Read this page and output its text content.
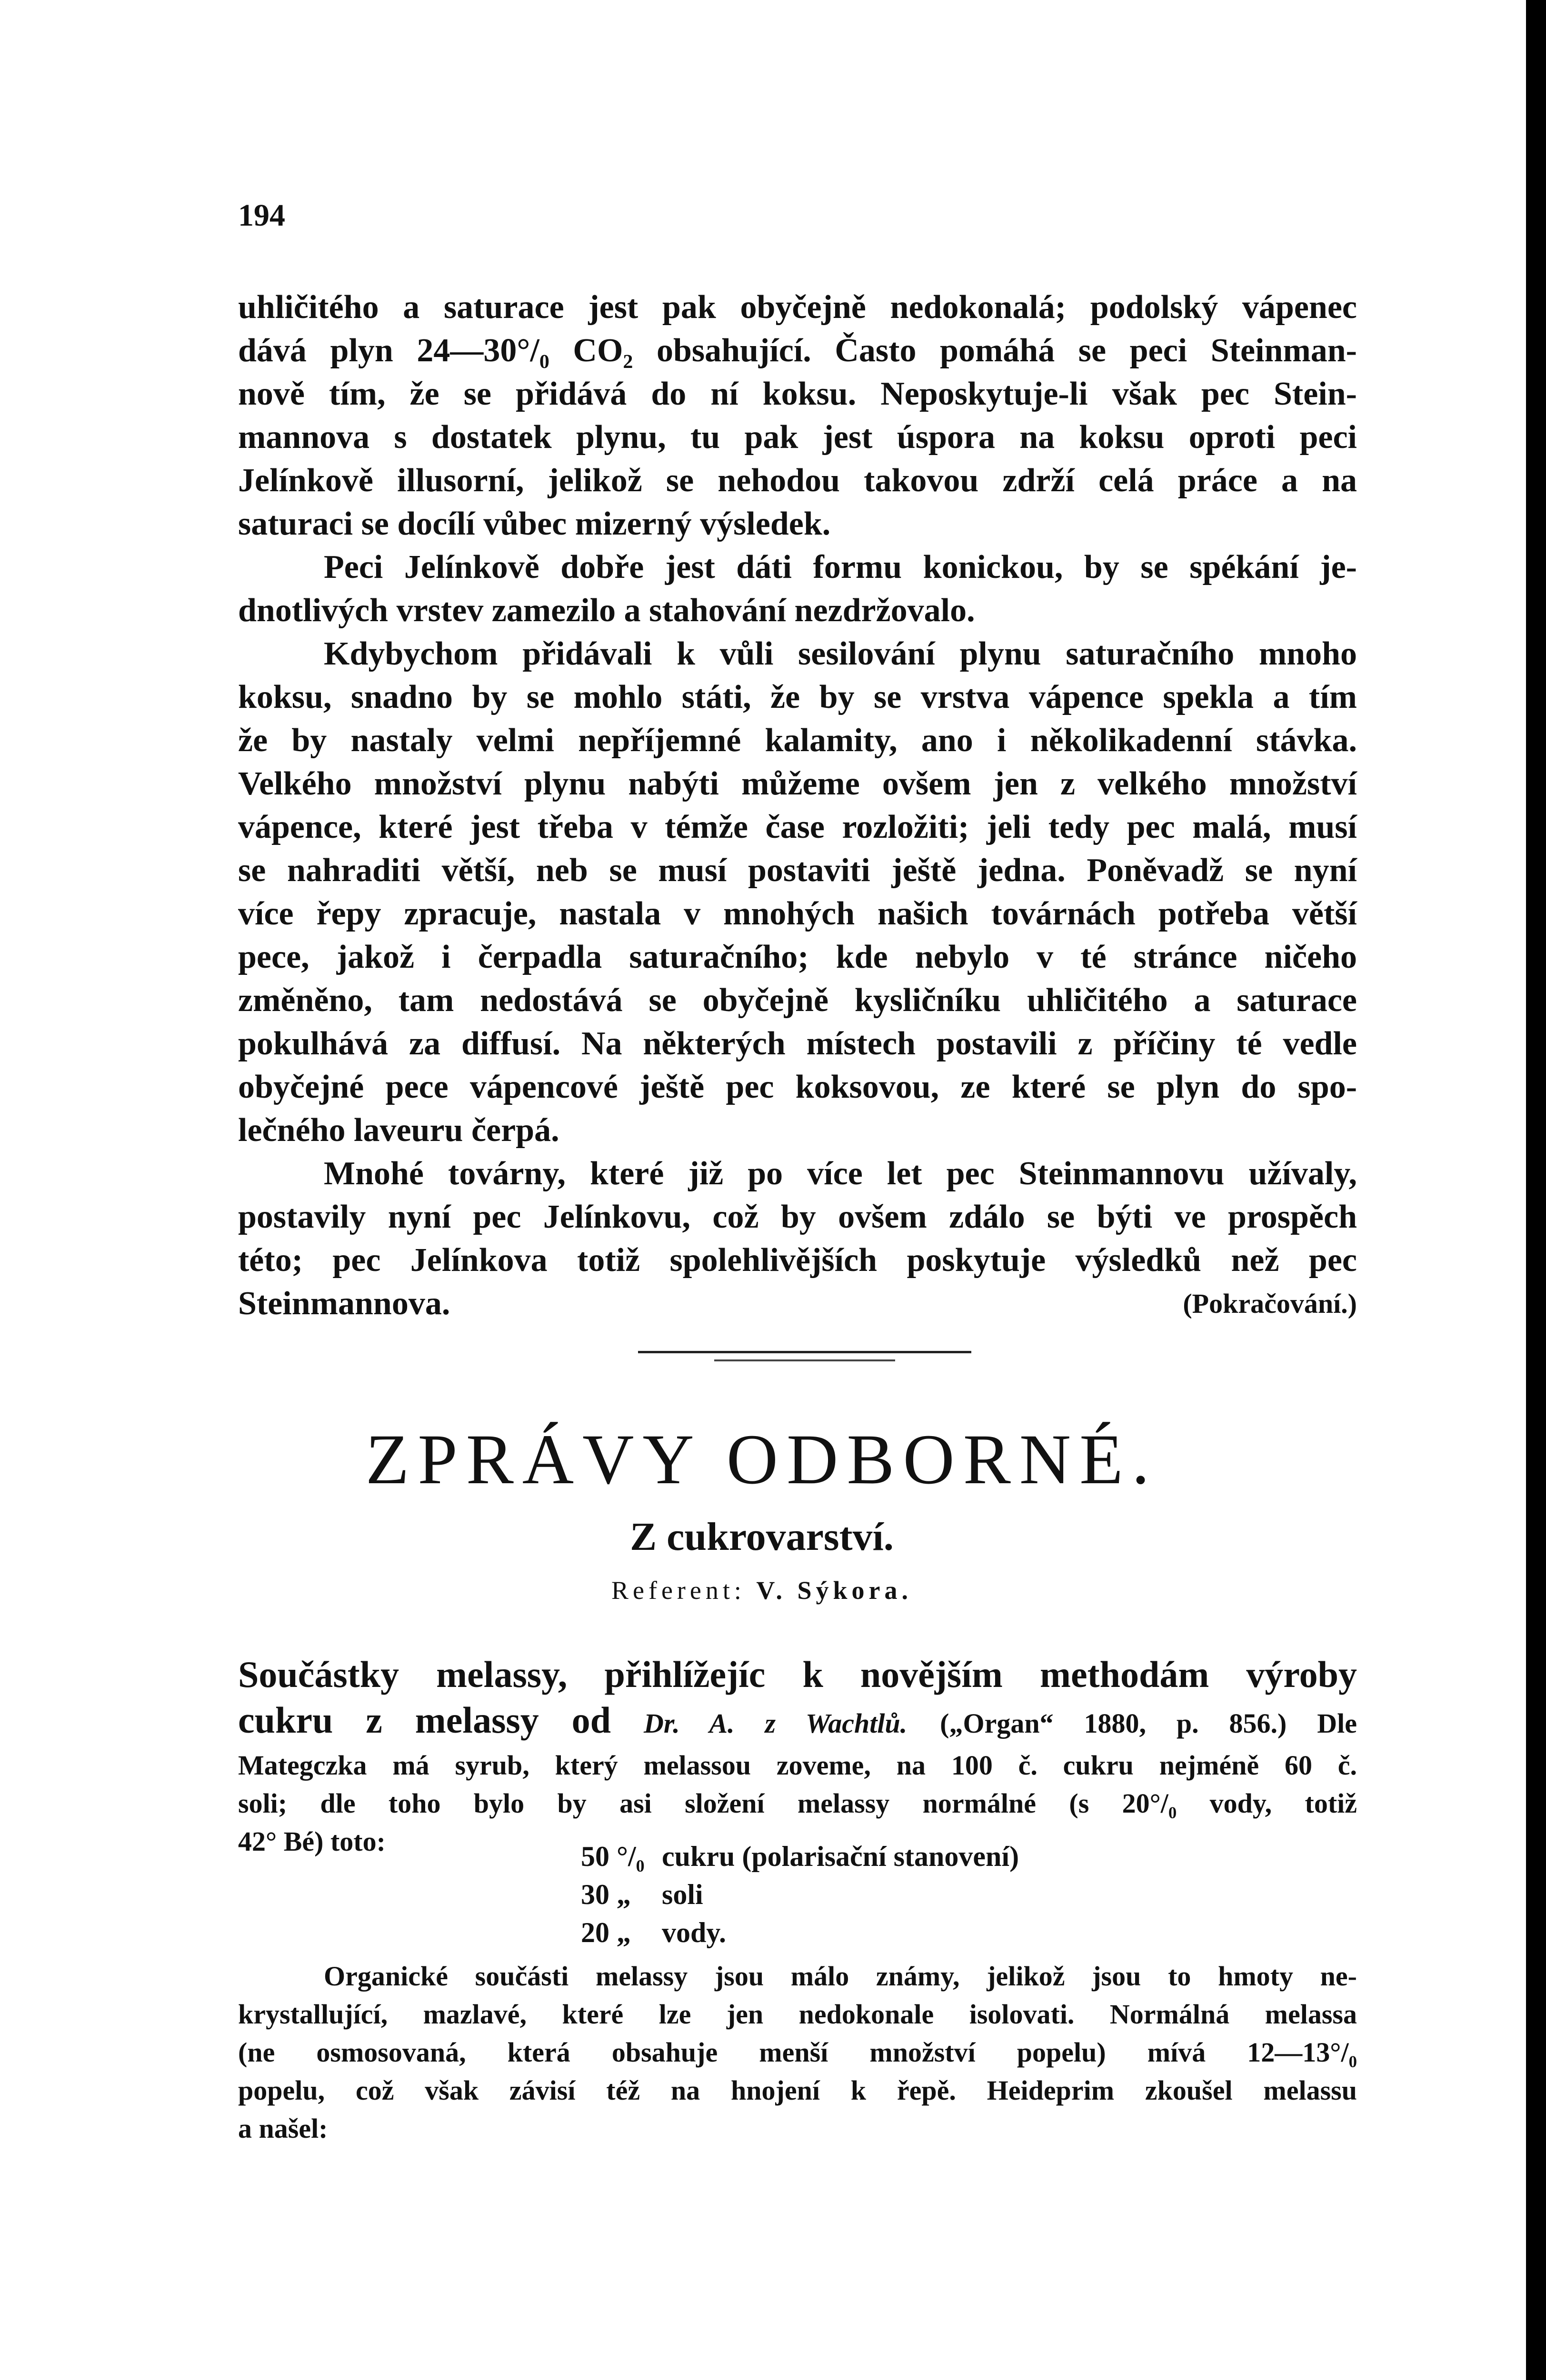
194
uhličitého a saturace jest pak obyčejně nedokonalá; podolský vápenec
dává plyn 24—30°/₀ CO₂ obsahující. Často pomáhá se peci Steinman-
nově tím, že se přidává do ní koksu. Neposkytuje-li však pec Stein-
mannova s dostatek plynu, tu pak jest úspora na koksu oproti peci
Jelínkově illusorní, jelikož se nehodou takovou zdrží celá práce a na
saturaci se docílí vůbec mizerný výsledek.
Peci Jelínkově dobře jest dáti formu konickou, by se spékání je-
dnotlivých vrstev zamezilo a stahování nezdržovalo.
Kdybychom přidávali k vůli sesilování plynu saturačního mnoho
koksu, snadno by se mohlo státi, že by se vrstva vápence spekla a tím
že by nastaly velmi nepříjemné kalamity, ano i několikadenní stávka.
Velkého množství plynu nabýti můžeme ovšem jen z velkého množství
vápence, které jest třeba v témže čase rozložiti; jeli tedy pec malá, musí
se nahraditi větší, neb se musí postaviti ještě jedna. Poněvadž se nyní
více řepy zpracuje, nastala v mnohých našich továrnách potřeba větší
pece, jakož i čerpadla saturačního; kde nebylo v té stránce ničeho
změněno, tam nedostává se obyčejně kysličníku uhličitého a saturace
pokulhává za diffusí. Na některých místech postavili z příčiny té vedle
obyčejné pece vápencové ještě pec koksovou, ze které se plyn do spo-
lečného laveuru čerpá.
Mnohé továrny, které již po více let pec Steinmannovu užívaly,
postavily nyní pec Jelínkovu, což by ovšem zdálo se býti ve prospěch
této; pec Jelínkova totiž spolehlivějších poskytuje výsledků než pec
Steinmannova.	(Pokračování.)
ZPRÁVY ODBORNÉ.
Z cukrovarství.
Referent: V. Sýkora.
Součástky melassy, přihlížejíc k novějším methodám výroby
cukru z melassy od Dr. A. z Wachtlů. („Organ“ 1880, p. 856.) Dle
Mategczka má syrub, který melassou zoveme, na 100 č. cukru nejméně 60 č.
soli; dle toho bylo by asi složení melassy normálné (s 20°/₀ vody, totiž
42° Bé) toto:	50 °/₀ cukru (polarisační stanovení)
30 „ soli
20 „ vody.
Organické součásti melassy jsou málo známy, jelikož jsou to hmoty ne-
krystallující, mazlavé, které lze jen nedokonale isolovati. Normálná melassa
(ne osmosovaná, která obsahuje menší množství popelu) mívá 12—13°/₀
popelu, což však závisí též na hnojení k řepě. Heideprim zkoušel melassu
a našel:
